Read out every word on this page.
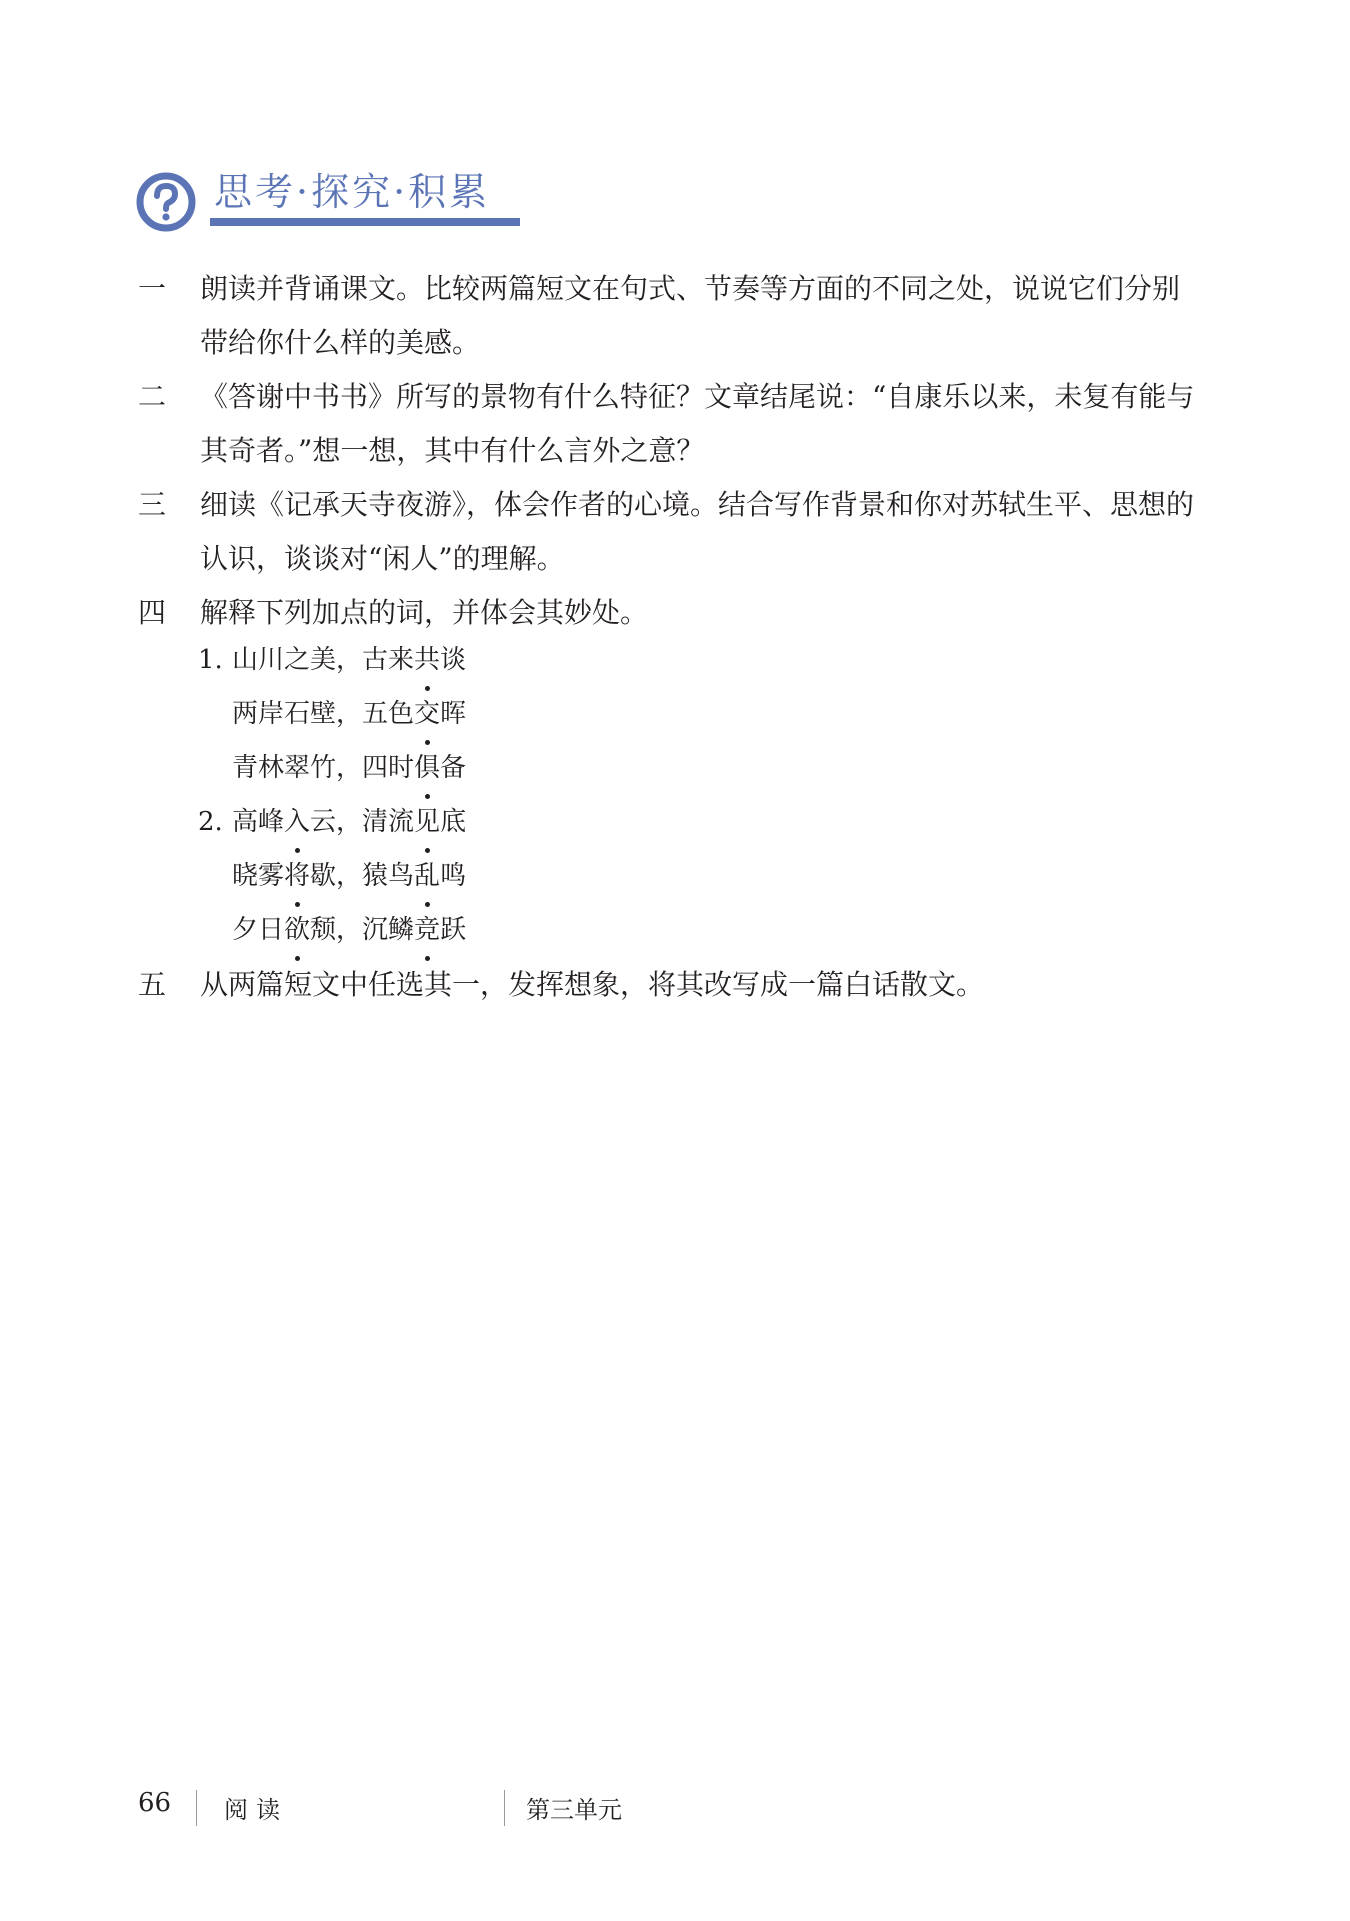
思考·探究·积累
一	朗读并背诵课文。比较两篇短文在句式、节奏等方面的不同之处，说说它们分别带给你什么样的美感。
二	《答谢中书书》所写的景物有什么特征？文章结尾说：“自康乐以来，未复有能与其奇者。”想一想，其中有什么言外之意？
三	细读《记承天寺夜游》，体会作者的心境。结合写作背景和你对苏轼生平、思想的认识，谈谈对“闲人”的理解。
四	解释下列加点的词，并体会其妙处。
1. 山川之美，古来共谈
两岸石壁，五色交晖
青林翠竹，四时俱备
2. 高峰入云，清流见底
晓雾将歇，猿鸟乱鸣
夕日欲颓，沉鳞竞跃
五	从两篇短文中任选其一，发挥想象，将其改写成一篇白话散文。
66 阅读	第三单元
